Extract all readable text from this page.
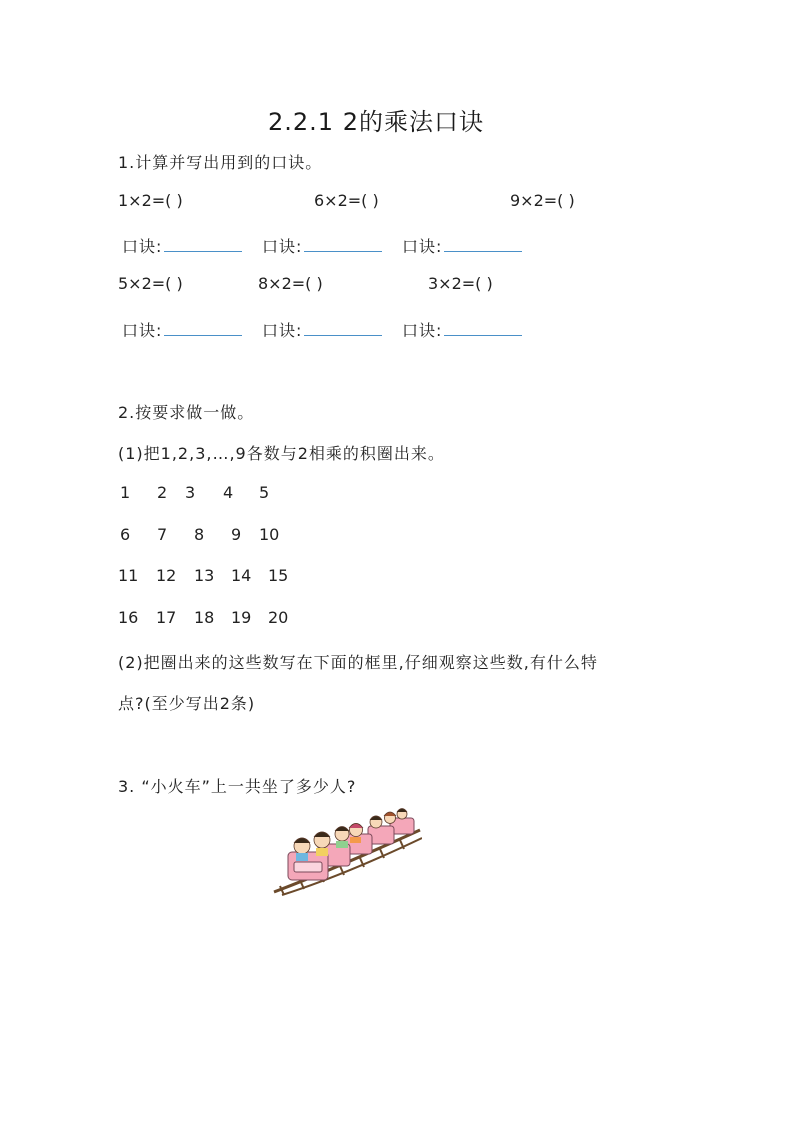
2.2.1 2的乘法口诀
1.计算并写出用到的口诀。
1×2=( )	6×2=( )	9×2=( )
口诀:	口诀:	口诀:
5×2=( )	8×2=( )	3×2=( )
口诀:	口诀:	口诀:
2.按要求做一做。
(1)把1,2,3,…,9各数与2相乘的积圈出来。
1 2 3 4 5
6 7 8 9 10
11 12 13 14 15
16 17 18 19 20
(2)把圈出来的这些数写在下面的框里,仔细观察这些数,有什么特
点?(至少写出2条)
3. “小火车”上一共坐了多少人?
